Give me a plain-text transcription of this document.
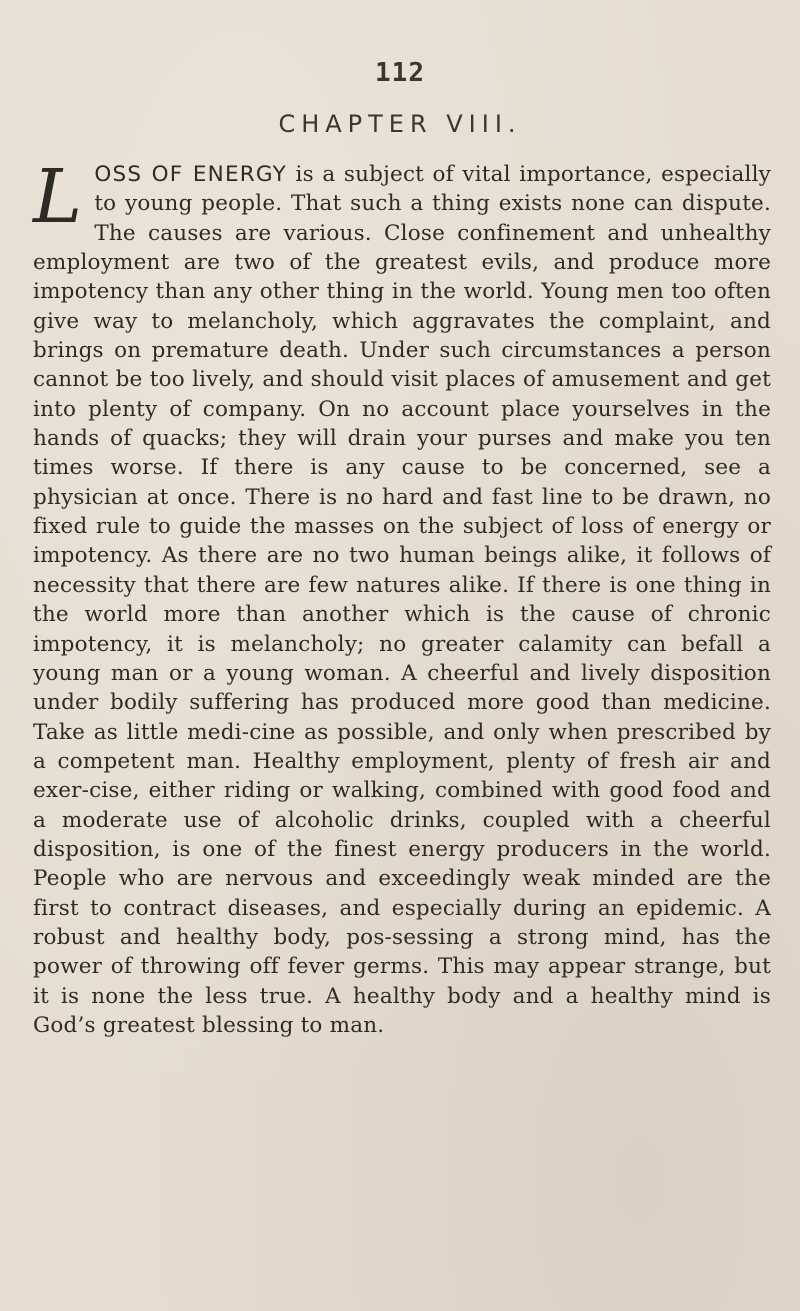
112
CHAPTER VIII.

LOSS OF ENERGY is a subject of vital importance, especially to young people. That such a thing exists none can dispute. The causes are various. Close confinement and unhealthy employment are two of the greatest evils, and produce more impotency than any other thing in the world. Young men too often give way to melancholy, which aggravates the complaint, and brings on premature death. Under such circumstances a person cannot be too lively, and should visit places of amusement and get into plenty of company. On no account place yourselves in the hands of quacks; they will drain your purses and make you ten times worse. If there is any cause to be concerned, see a physician at once. There is no hard and fast line to be drawn, no fixed rule to guide the masses on the subject of loss of energy or impotency. As there are no two human beings alike, it follows of necessity that there are few natures alike. If there is one thing in the world more than another which is the cause of chronic impotency, it is melancholy; no greater calamity can befall a young man or a young woman. A cheerful and lively disposition under bodily suffering has produced more good than medicine. Take as little medi-cine as possible, and only when prescribed by a competent man. Healthy employment, plenty of fresh air and exer-cise, either riding or walking, combined with good food and a moderate use of alcoholic drinks, coupled with a cheerful disposition, is one of the finest energy producers in the world. People who are nervous and exceedingly weak minded are the first to contract diseases, and especially during an epidemic. A robust and healthy body, pos-sessing a strong mind, has the power of throwing off fever germs. This may appear strange, but it is none the less true. A healthy body and a healthy mind is God’s greatest blessing to man.
